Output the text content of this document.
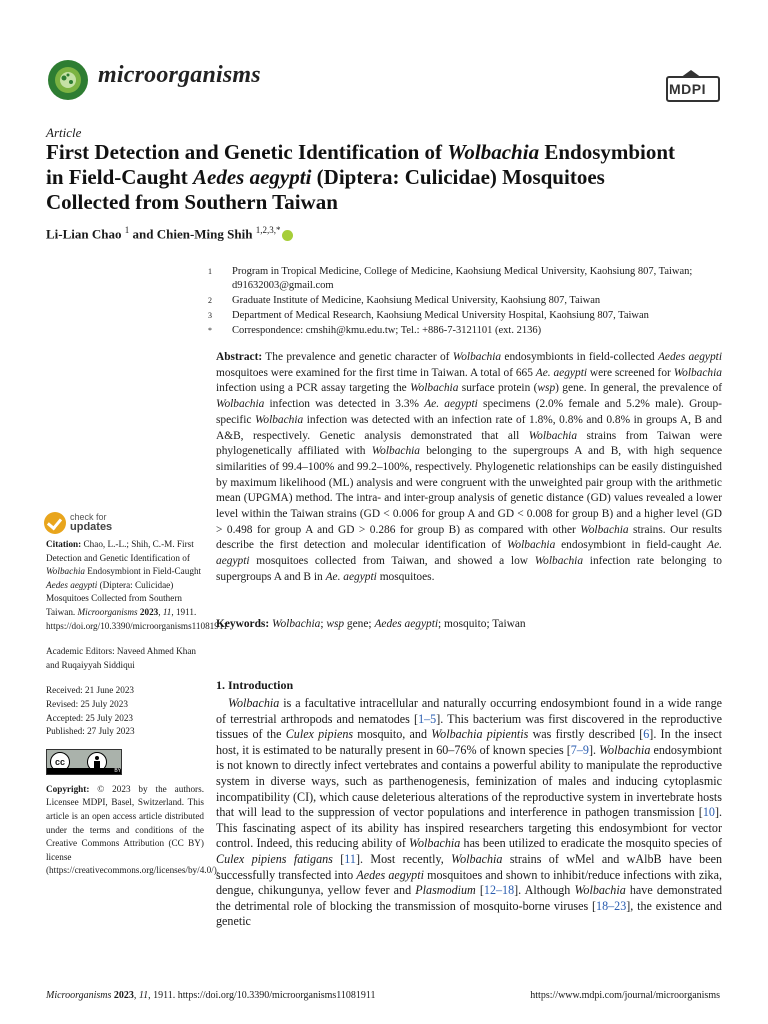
microorganisms
MDPI
Article
First Detection and Genetic Identification of Wolbachia Endosymbiont in Field-Caught Aedes aegypti (Diptera: Culicidae) Mosquitoes Collected from Southern Taiwan
Li-Lian Chao $^1$ and Chien-Ming Shih $^{1,2,3,*}$
1	Program in Tropical Medicine, College of Medicine, Kaohsiung Medical University, Kaohsiung 807, Taiwan; d91632003@gmail.com
2	Graduate Institute of Medicine, Kaohsiung Medical University, Kaohsiung 807, Taiwan
3	Department of Medical Research, Kaohsiung Medical University Hospital, Kaohsiung 807, Taiwan
*	Correspondence: cmshih@kmu.edu.tw; Tel.: +886-7-3121101 (ext. 2136)
Abstract: The prevalence and genetic character of Wolbachia endosymbionts in field-collected Aedes aegypti mosquitoes were examined for the first time in Taiwan. A total of 665 Ae. aegypti were screened for Wolbachia infection using a PCR assay targeting the Wolbachia surface protein (wsp) gene. In general, the prevalence of Wolbachia infection was detected in 3.3% Ae. aegypti specimens (2.0% female and 5.2% male). Group-specific Wolbachia infection was detected with an infection rate of 1.8%, 0.8% and 0.8% in groups A, B and A&B, respectively. Genetic analysis demonstrated that all Wolbachia strains from Taiwan were phylogenetically affiliated with Wolbachia belonging to the supergroups A and B, with high sequence similarities of 99.4–100% and 99.2–100%, respectively. Phylogenetic relationships can be easily distinguished by maximum likelihood (ML) analysis and were congruent with the unweighted pair group with the arithmetic mean (UPGMA) method. The intra- and inter-group analysis of genetic distance (GD) values revealed a lower level within the Taiwan strains (GD < 0.006 for group A and GD < 0.008 for group B) and a higher level (GD > 0.498 for group A and GD > 0.286 for group B) as compared with other Wolbachia strains. Our results describe the first detection and molecular identification of Wolbachia endosymbiont in field-caught Ae. aegypti mosquitoes collected from Taiwan, and showed a low Wolbachia infection rate belonging to supergroups A and B in Ae. aegypti mosquitoes.
Keywords: Wolbachia; wsp gene; Aedes aegypti; mosquito; Taiwan
check for
updates

Citation: Chao, L.-L.; Shih, C.-M. First Detection and Genetic Identification of Wolbachia Endosymbiont in Field-Caught Aedes aegypti (Diptera: Culicidae) Mosquitoes Collected from Southern Taiwan. Microorganisms 2023, 11, 1911. https://doi.org/10.3390/microorganisms11081911

Academic Editors: Naveed Ahmed Khan and Ruqaiyyah Siddiqui

Received: 21 June 2023
Revised: 25 July 2023
Accepted: 25 July 2023
Published: 27 July 2023

cc
BY

Copyright: © 2023 by the authors. Licensee MDPI, Basel, Switzerland. This article is an open access article distributed under the terms and conditions of the Creative Commons Attribution (CC BY) license (https://creativecommons.org/licenses/by/4.0/).

1. Introduction
Wolbachia is a facultative intracellular and naturally occurring endosymbiont found in a wide range of terrestrial arthropods and nematodes [1–5]. This bacterium was first discovered in the reproductive tissues of the Culex pipiens mosquito, and Wolbachia pipientis was firstly described [6]. In the insect host, it is estimated to be naturally present in 60–76% of known species [7–9]. Wolbachia endosymbiont is not known to directly infect vertebrates and contains a powerful ability to manipulate the reproductive system in diverse ways, such as parthenogenesis, feminization of males and inducing cytoplasmic incompatibility (CI), which cause deleterious alterations of the reproductive system in invertebrate hosts that will lead to the suppression of vector populations and interference in pathogen transmission [10]. This fascinating aspect of its ability has inspired researchers targeting this endosymbiont for vector control. Indeed, this reducing ability of Wolbachia has been utilized to eradicate the mosquito species of Culex pipiens fatigans [11]. Most recently, Wolbachia strains of wMel and wAlbB have been successfully transfected into Aedes aegypti mosquitoes and shown to inhibit/reduce infections with zika, dengue, chikungunya, yellow fever and Plasmodium [12–18]. Although Wolbachia have demonstrated the detrimental role of blocking the transmission of mosquito-borne viruses [18–23], the existence and genetic
Microorganisms 2023, 11, 1911. https://doi.org/10.3390/microorganisms11081911	https://www.mdpi.com/journal/microorganisms
